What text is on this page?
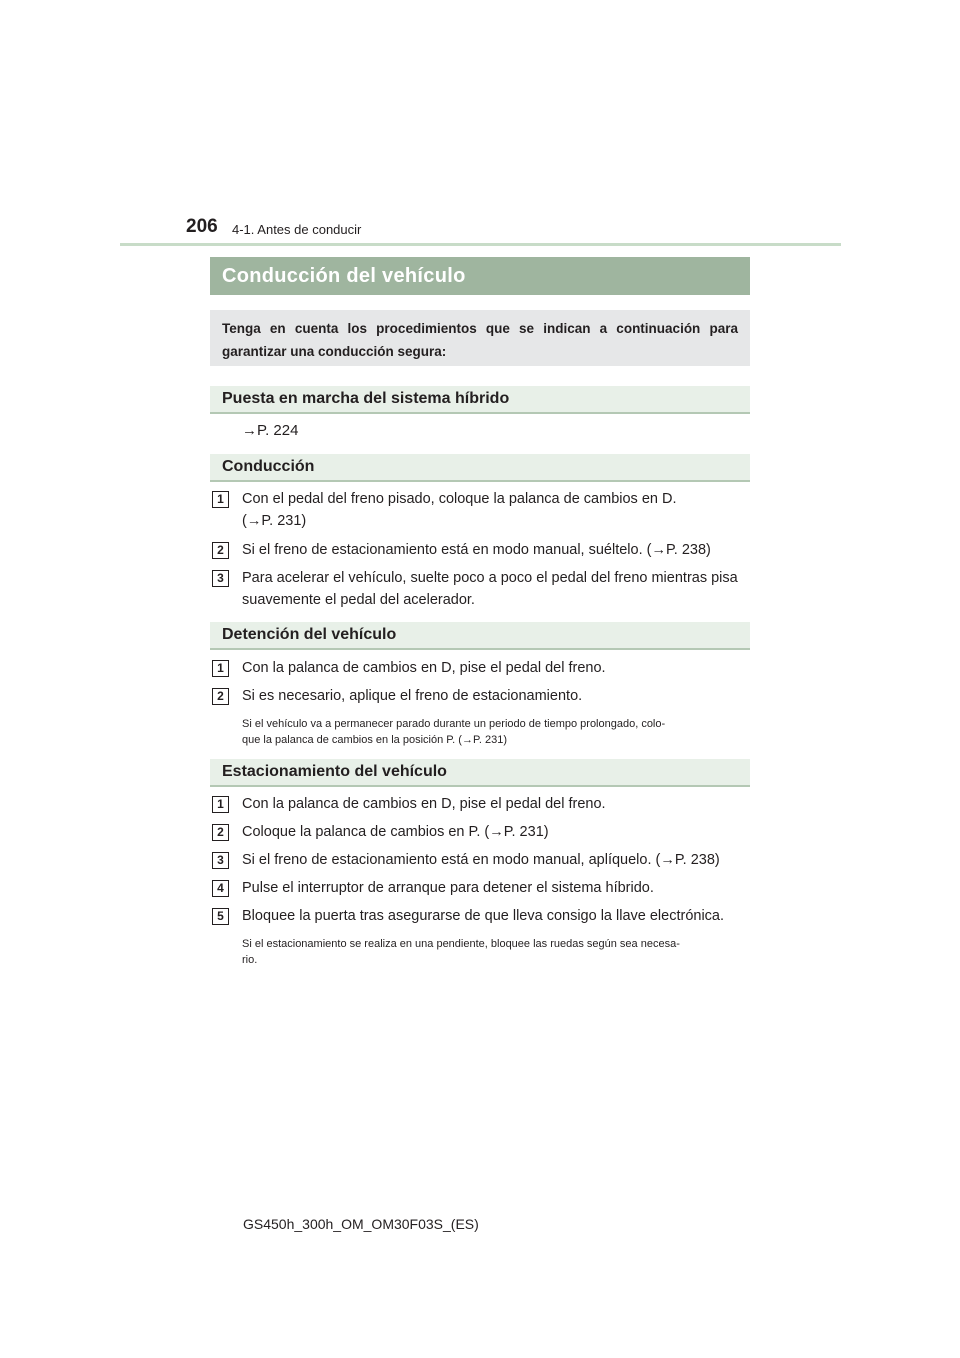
206 4-1. Antes de conducir
Conducción del vehículo
Tenga en cuenta los procedimientos que se indican a continuación para garantizar una conducción segura:
Puesta en marcha del sistema híbrido
→P. 224
Conducción
1	Con el pedal del freno pisado, coloque la palanca de cambios en D.
(→P. 231)
2	Si el freno de estacionamiento está en modo manual, suéltelo. (→P. 238)
3	Para acelerar el vehículo, suelte poco a poco el pedal del freno mientras pisa
suavemente el pedal del acelerador.
Detención del vehículo
1	Con la palanca de cambios en D, pise el pedal del freno.
2	Si es necesario, aplique el freno de estacionamiento.
Si el vehículo va a permanecer parado durante un periodo de tiempo prolongado, colo-
que la palanca de cambios en la posición P. (→P. 231)
Estacionamiento del vehículo
1	Con la palanca de cambios en D, pise el pedal del freno.
2	Coloque la palanca de cambios en P. (→P. 231)
3	Si el freno de estacionamiento está en modo manual, aplíquelo. (→P. 238)
4	Pulse el interruptor de arranque para detener el sistema híbrido.
5	Bloquee la puerta tras asegurarse de que lleva consigo la llave electrónica.
Si el estacionamiento se realiza en una pendiente, bloquee las ruedas según sea necesa-
rio.
GS450h_300h_OM_OM30F03S_(ES)
